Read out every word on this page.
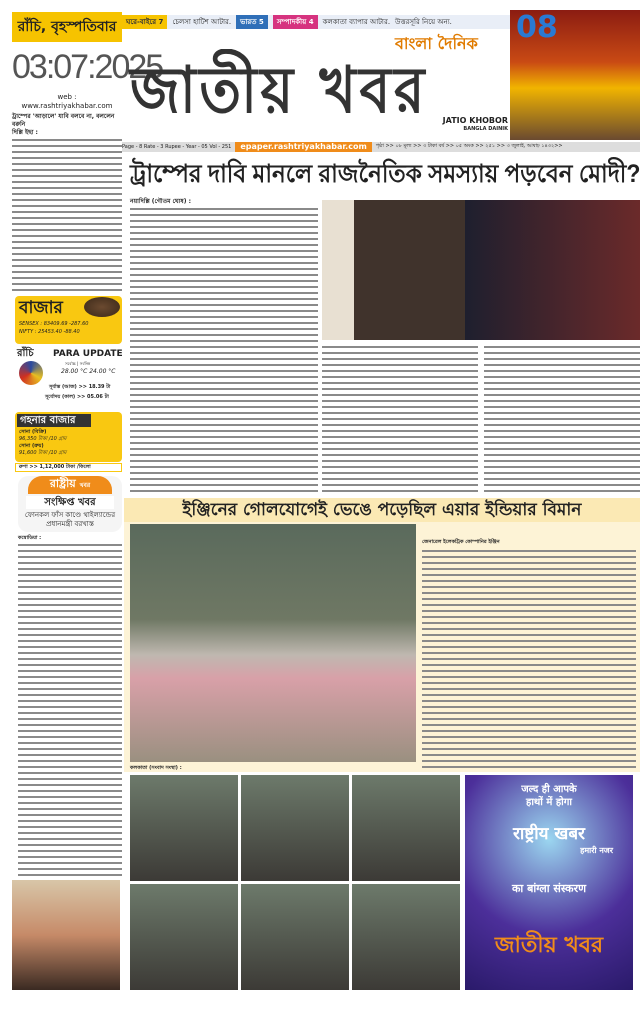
রাঁচি, বৃহস্পতিবার
03:07:2025
web : www.rashtriyakhabar.com
ট্রাম্পের 'আড়ালে' যাবি বলবে না, বললেন বরুনি
দিল্লি ইছা :
ঘরে-বাইরে 7	চেলসা হাটিশ আটার.	ভারত 5	সম্পাদকীয় 4	কলকাতা ব্যাপার আটার. উত্তরসূরি নিয়ে অন্য.
জাতীয় খবর
বাংলা দৈনিক
JATIO KHOBOR
BANGLA DAINIK
08
Page - 8 Rate - 3 Rupee - Year - 05 Vol - 251	epaper.rashtriyakhabar.com	পৃষ্ঠা >> ০৮ মূল্য >> ৩ টাকা বর্ষ >> ০৫ অংক >> ২৫১ >> ৩ জুলাই, আষাঢ় ১৪৩২>>
ট্রাম্পের দাবি মানলে রাজনৈতিক সমস্যায় পড়বেন মোদী?
নয়াদিল্লি (গৌতম ঘোষ) :
বাজার
SENSEX : 83409.69 -287.60
NIFTY : 25453.40 -88.40
রাঁচি PARA UPDATE
সর্বোচ্চ | সর্বনিম্ন
28.00 °C 24.00 °C
সূর্যাস্ত (আজ) >> 18.39 টা
সূর্যোদয় (কাল) >> 05.06 টা
গহনার বাজার
সোনা (বিক্রি)
96,350 টাকা /10 গ্রাম
সোনা (ক্রয়)
91,600 টাকা /10 গ্রাম
রুপা >> 1,12,000 টাকা /কিলো
রাষ্ট্রীয় খবর
সংক্ষিপ্ত খবর
ফোনকল ফাঁস কাণ্ডে থাইল্যান্ডের প্রধানমন্ত্রী বরখাস্ত
কম্বোডিয়া :
ইঞ্জিনের গোলযোগেই ভেঙে পড়েছিল এয়ার ইন্ডিয়ার বিমান
জেনারেল ইলেকট্রিক কোম্পানির ইঞ্জিন
কলকাতা (সংবাদ সংস্থা) :
जल्द ही आपके
हाथों में होगा
राष्ट्रीय खबर
हमारी नजर
का बांग्ला संस्करण
জাতীয় খবর
